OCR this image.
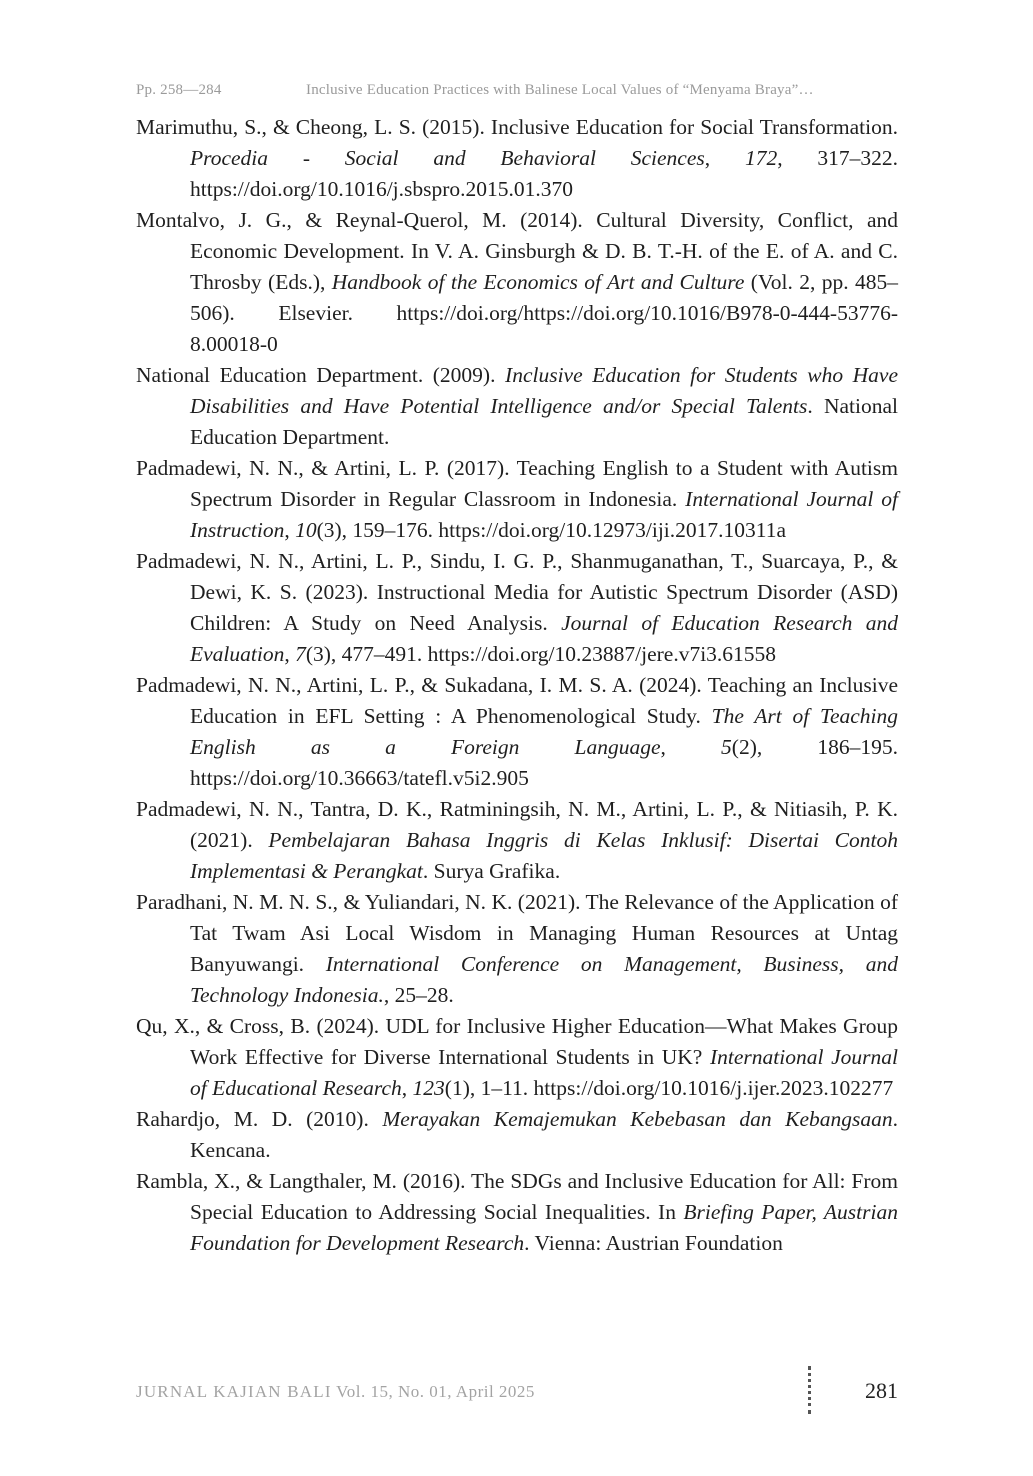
Pp. 258—284	Inclusive Education Practices with Balinese Local Values of “Menyama Braya”…

Marimuthu, S., & Cheong, L. S. (2015). Inclusive Education for Social Transformation. Procedia - Social and Behavioral Sciences, 172, 317–322. https://doi.org/10.1016/j.sbspro.2015.01.370

Montalvo, J. G., & Reynal-Querol, M. (2014). Cultural Diversity, Conflict, and Economic Development. In V. A. Ginsburgh & D. B. T.-H. of the E. of A. and C. Throsby (Eds.), Handbook of the Economics of Art and Culture (Vol. 2, pp. 485–506). Elsevier. https://doi.org/https://doi.org/10.1016/B978-0-444-53776-8.00018-0

National Education Department. (2009). Inclusive Education for Students who Have Disabilities and Have Potential Intelligence and/or Special Talents. National Education Department.

Padmadewi, N. N., & Artini, L. P. (2017). Teaching English to a Student with Autism Spectrum Disorder in Regular Classroom in Indonesia. International Journal of Instruction, 10(3), 159–176. https://doi.org/10.12973/iji.2017.10311a

Padmadewi, N. N., Artini, L. P., Sindu, I. G. P., Shanmuganathan, T., Suarcaya, P., & Dewi, K. S. (2023). Instructional Media for Autistic Spectrum Disorder (ASD) Children: A Study on Need Analysis. Journal of Education Research and Evaluation, 7(3), 477–491. https://doi.org/10.23887/jere.v7i3.61558

Padmadewi, N. N., Artini, L. P., & Sukadana, I. M. S. A. (2024). Teaching an Inclusive Education in EFL Setting : A Phenomenological Study. The Art of Teaching English as a Foreign Language, 5(2), 186–195. https://doi.org/10.36663/tatefl.v5i2.905

Padmadewi, N. N., Tantra, D. K., Ratminingsih, N. M., Artini, L. P., & Nitiasih, P. K. (2021). Pembelajaran Bahasa Inggris di Kelas Inklusif: Disertai Contoh Implementasi & Perangkat. Surya Grafika.

Paradhani, N. M. N. S., & Yuliandari, N. K. (2021). The Relevance of the Application of Tat Twam Asi Local Wisdom in Managing Human Resources at Untag Banyuwangi. International Conference on Management, Business, and Technology Indonesia., 25–28.

Qu, X., & Cross, B. (2024). UDL for Inclusive Higher Education—What Makes Group Work Effective for Diverse International Students in UK? International Journal of Educational Research, 123(1), 1–11. https://doi.org/10.1016/j.ijer.2023.102277

Rahardjo, M. D. (2010). Merayakan Kemajemukan Kebebasan dan Kebangsaan. Kencana.

Rambla, X., & Langthaler, M. (2016). The SDGs and Inclusive Education for All: From Special Education to Addressing Social Inequalities. In Briefing Paper, Austrian Foundation for Development Research. Vienna: Austrian Foundation

JURNAL KAJIAN BALI Vol. 15, No. 01, April 2025	281
